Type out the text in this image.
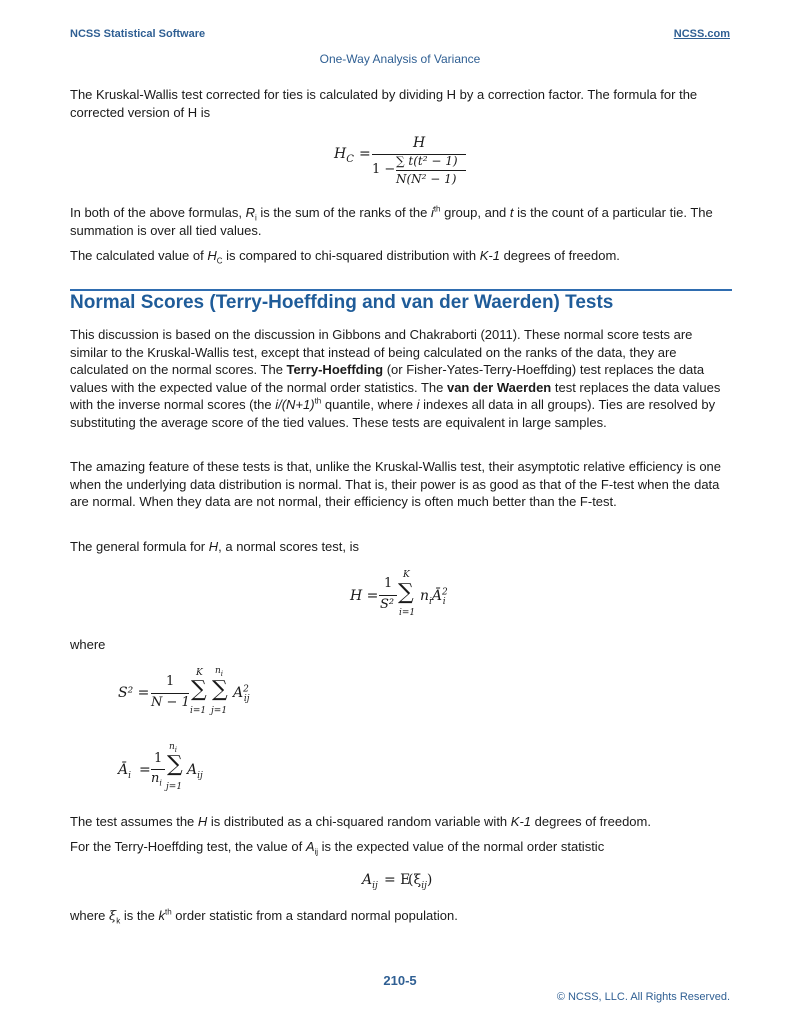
NCSS Statistical Software	NCSS.com
One-Way Analysis of Variance

The Kruskal-Wallis test corrected for ties is calculated by dividing H by a correction factor. The formula for the corrected version of H is

$H_C$ =
H
1 −
∑ t(t² − 1)
N(N² − 1)

In both of the above formulas, $R_i$ is the sum of the ranks of the $i^{th}$ group, and t is the count of a particular tie. The summation is over all tied values.

The calculated value of $H_C$ is compared to chi-squared distribution with K-1 degrees of freedom.

Normal Scores (Terry-Hoeffding and van der Waerden) Tests

This discussion is based on the discussion in Gibbons and Chakraborti (2011). These normal score tests are similar to the Kruskal-Wallis test, except that instead of being calculated on the ranks of the data, they are calculated on the normal scores. The Terry-Hoeffding (or Fisher-Yates-Terry-Hoeffding) test replaces the data values with the expected value of the normal order statistics. The van der Waerden test replaces the data values with the inverse normal scores (the $i/(N+1)^{th}$ quantile, where i indexes all data in all groups). Ties are resolved by substituting the average score of the tied values. These tests are equivalent in large samples.

The amazing feature of these tests is that, unlike the Kruskal-Wallis test, their asymptotic relative efficiency is one when the underlying data distribution is normal. That is, their power is as good as that of the F-test when the data are normal. When they data are not normal, their efficiency is often much better than the F-test.

The general formula for H, a normal scores test, is

H =
1
S²
K
∑
i=1
$n_iĀ^2_i$

where

S² =
1
N − 1
K
∑
i=1
$n_i$
∑
j=1
$A^2_{ij}$
$Ā_i$ =
1
$n_i$
$n_i$
∑
j=1
$A_{ij}$

The test assumes the H is distributed as a chi-squared random variable with K-1 degrees of freedom.

For the Terry-Hoeffding test, the value of $A_{ij}$ is the expected value of the normal order statistic

$A_{ij} = E$
$(\xi_{ij})$

where $\xi_k$ is the $k^{th}$ order statistic from a standard normal population.

210-5
© NCSS, LLC. All Rights Reserved.
